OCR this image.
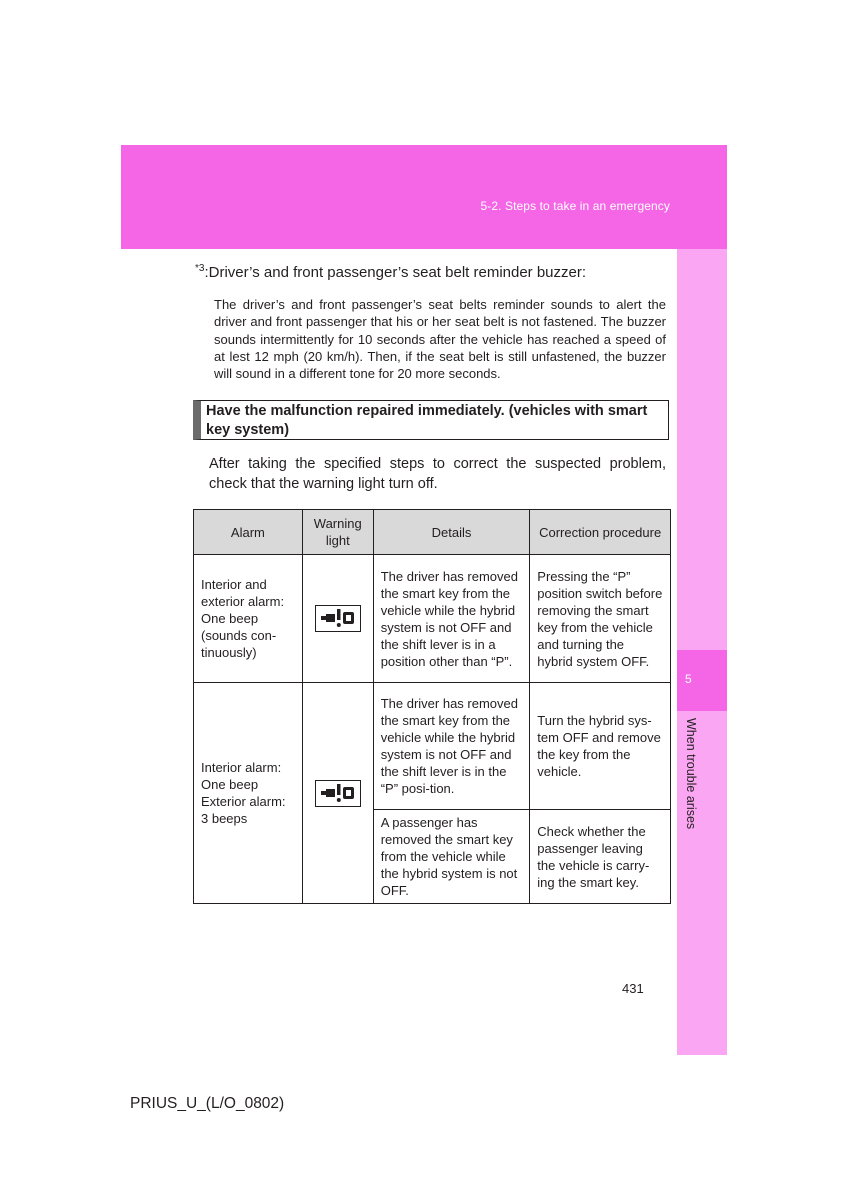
5-2. Steps to take in an emergency
5
When trouble arises
$^{*3}$:Driver’s and front passenger’s seat belt reminder buzzer:
The driver’s and front passenger’s seat belts reminder sounds to alert the driver and front passenger that his or her seat belt is not fastened. The buzzer sounds intermittently for 10 seconds after the vehicle has reached a speed of at lest 12 mph (20 km/h). Then, if the seat belt is still unfastened, the buzzer will sound in a different tone for 20 more seconds.
Have the malfunction repaired immediately. (vehicles with smart key system)
After taking the specified steps to correct the suspected problem, check that the warning light turn off.
Alarm	Warning light	Details	Correction procedure
Interior and exterior alarm: One beep (sounds con-tinuously)		The driver has removed the smart key from the vehicle while the hybrid system is not OFF and the shift lever is in a position other than “P”.	Pressing the “P” position switch before removing the smart key from the vehicle and turning the hybrid system OFF.
Interior alarm: One beep Exterior alarm: 3 beeps		The driver has removed the smart key from the vehicle while the hybrid system is not OFF and the shift lever is in the “P” posi-tion.	Turn the hybrid sys-tem OFF and remove the key from the vehicle.
		A passenger has removed the smart key from the vehicle while the hybrid system is not OFF.	Check whether the passenger leaving the vehicle is carry-ing the smart key.
431
PRIUS_U_(L/O_0802)
